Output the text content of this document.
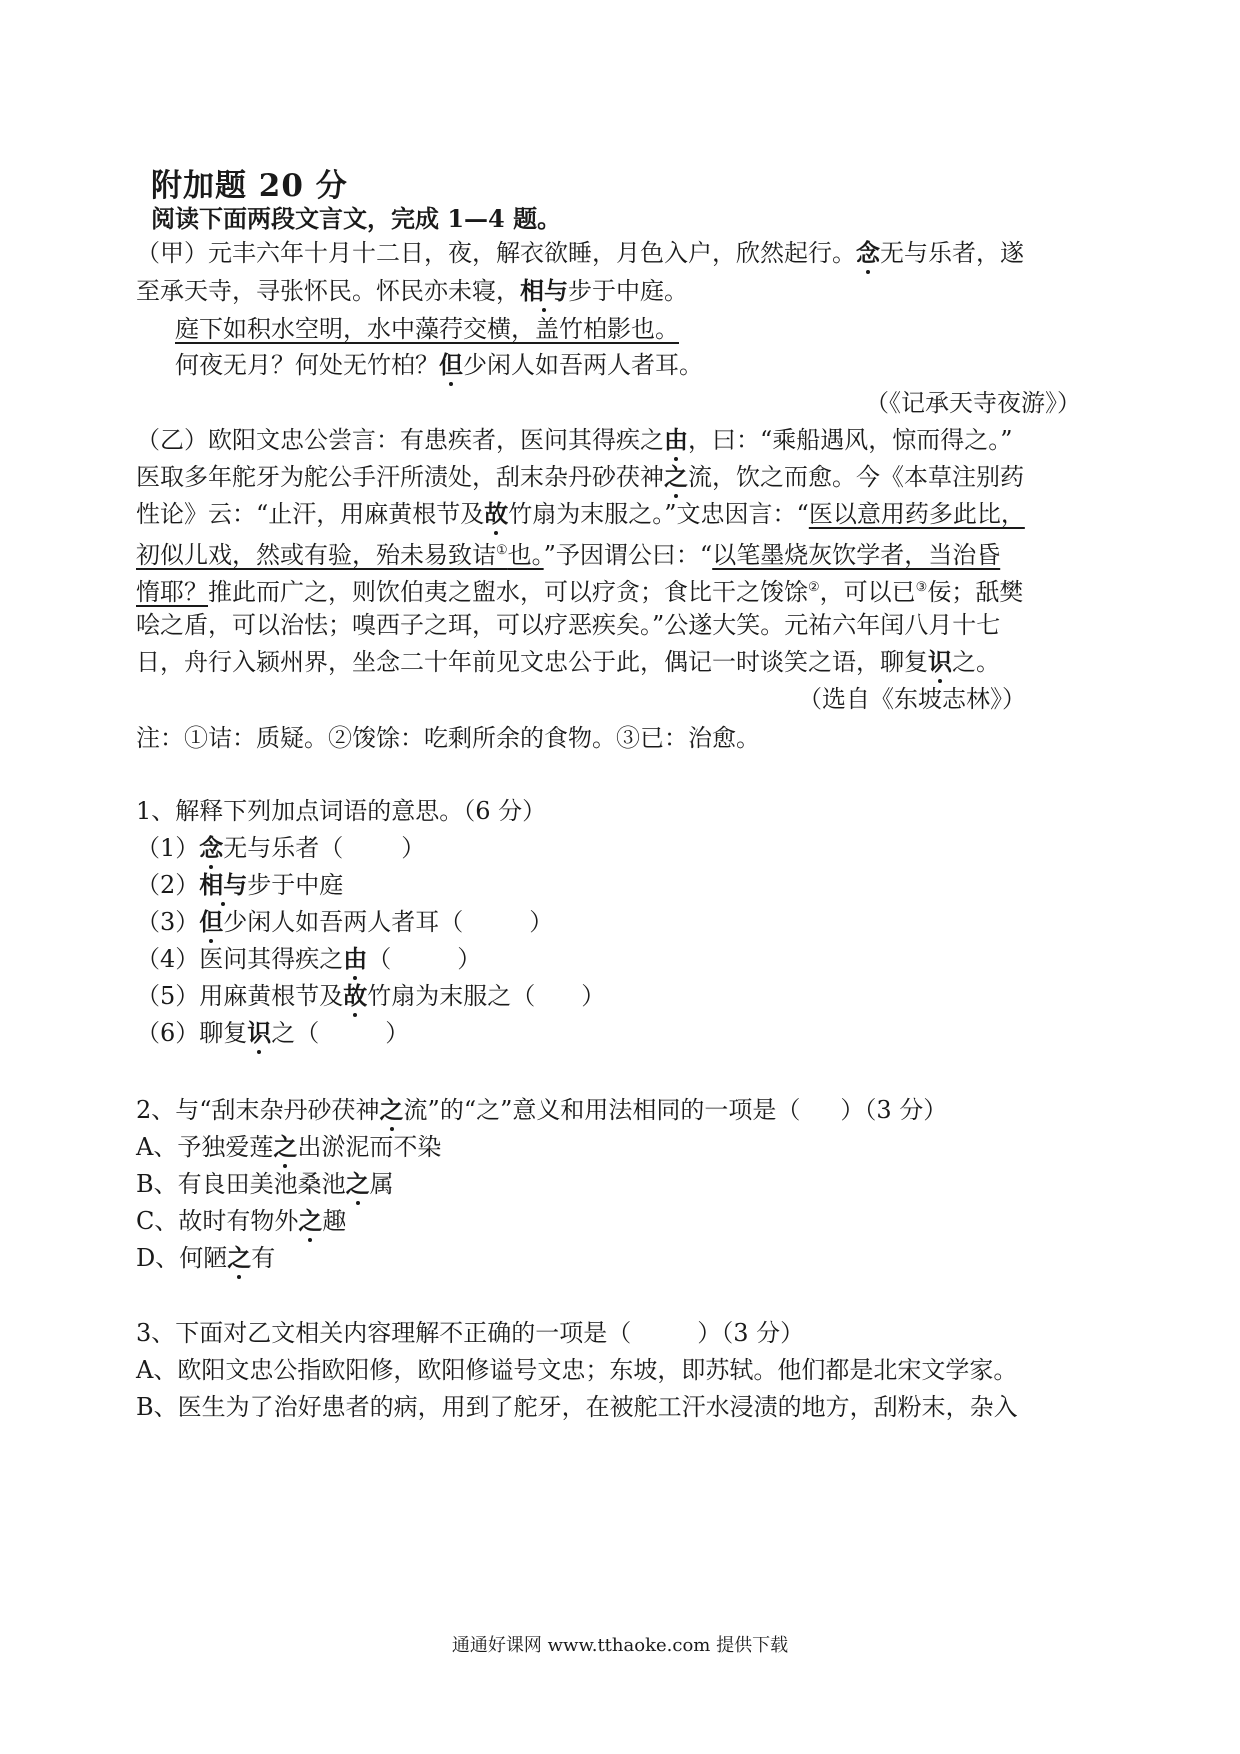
附加题 20 分
阅读下面两段文言文，完成 1—4 题。
（甲）元丰六年十月十二日，夜，解衣欲睡，月色入户，欣然起行。念无与乐者，遂
至承天寺，寻张怀民。怀民亦未寝，相与步于中庭。
庭下如积水空明，水中藻荇交横，盖竹柏影也。
何夜无月？何处无竹柏？但少闲人如吾两人者耳。
（《记承天寺夜游》）
（乙）欧阳文忠公尝言：有患疾者，医问其得疾之由，曰：“乘船遇风，惊而得之。”
医取多年舵牙为舵公手汗所渍处，刮末杂丹砂茯神之流，饮之而愈。今《本草注别药
性论》云：“止汗，用麻黄根节及故竹扇为末服之。”文忠因言：“医以意用药多此比，
初似儿戏，然或有验，殆未易致诘①也。”予因谓公曰：“以笔墨烧灰饮学者，当治昏
惰耶？推此而广之，则饮伯夷之盥水，可以疗贪；食比干之馂馀②，可以已③佞；舐樊
哙之盾，可以治怯；嗅西子之珥，可以疗恶疾矣。”公遂大笑。元祐六年闰八月十七
日，舟行入颍州界，坐念二十年前见文忠公于此，偶记一时谈笑之语，聊复识之。
（选自《东坡志林》）
注：①诘：质疑。②馂馀：吃剩所余的食物。③已：治愈。
1、解释下列加点词语的意思。（6 分）
（1）念无与乐者（ ）
（2）相与步于中庭
（3）但少闲人如吾两人者耳（	）
（4）医问其得疾之由（	）
（5）用麻黄根节及故竹扇为末服之（ ）
（6）聊复识之（	）
2、与“刮末杂丹砂茯神之流”的“之”意义和用法相同的一项是（ ）（3 分）
A、予独爱莲之出淤泥而不染
B、有良田美池桑池之属
C、故时有物外之趣
D、何陋之有
3、下面对乙文相关内容理解不正确的一项是（	）（3 分）
A、欧阳文忠公指欧阳修，欧阳修谥号文忠；东坡，即苏轼。他们都是北宋文学家。
B、医生为了治好患者的病，用到了舵牙，在被舵工汗水浸渍的地方，刮粉末，杂入
通通好课网 www.tthaoke.com 提供下载
